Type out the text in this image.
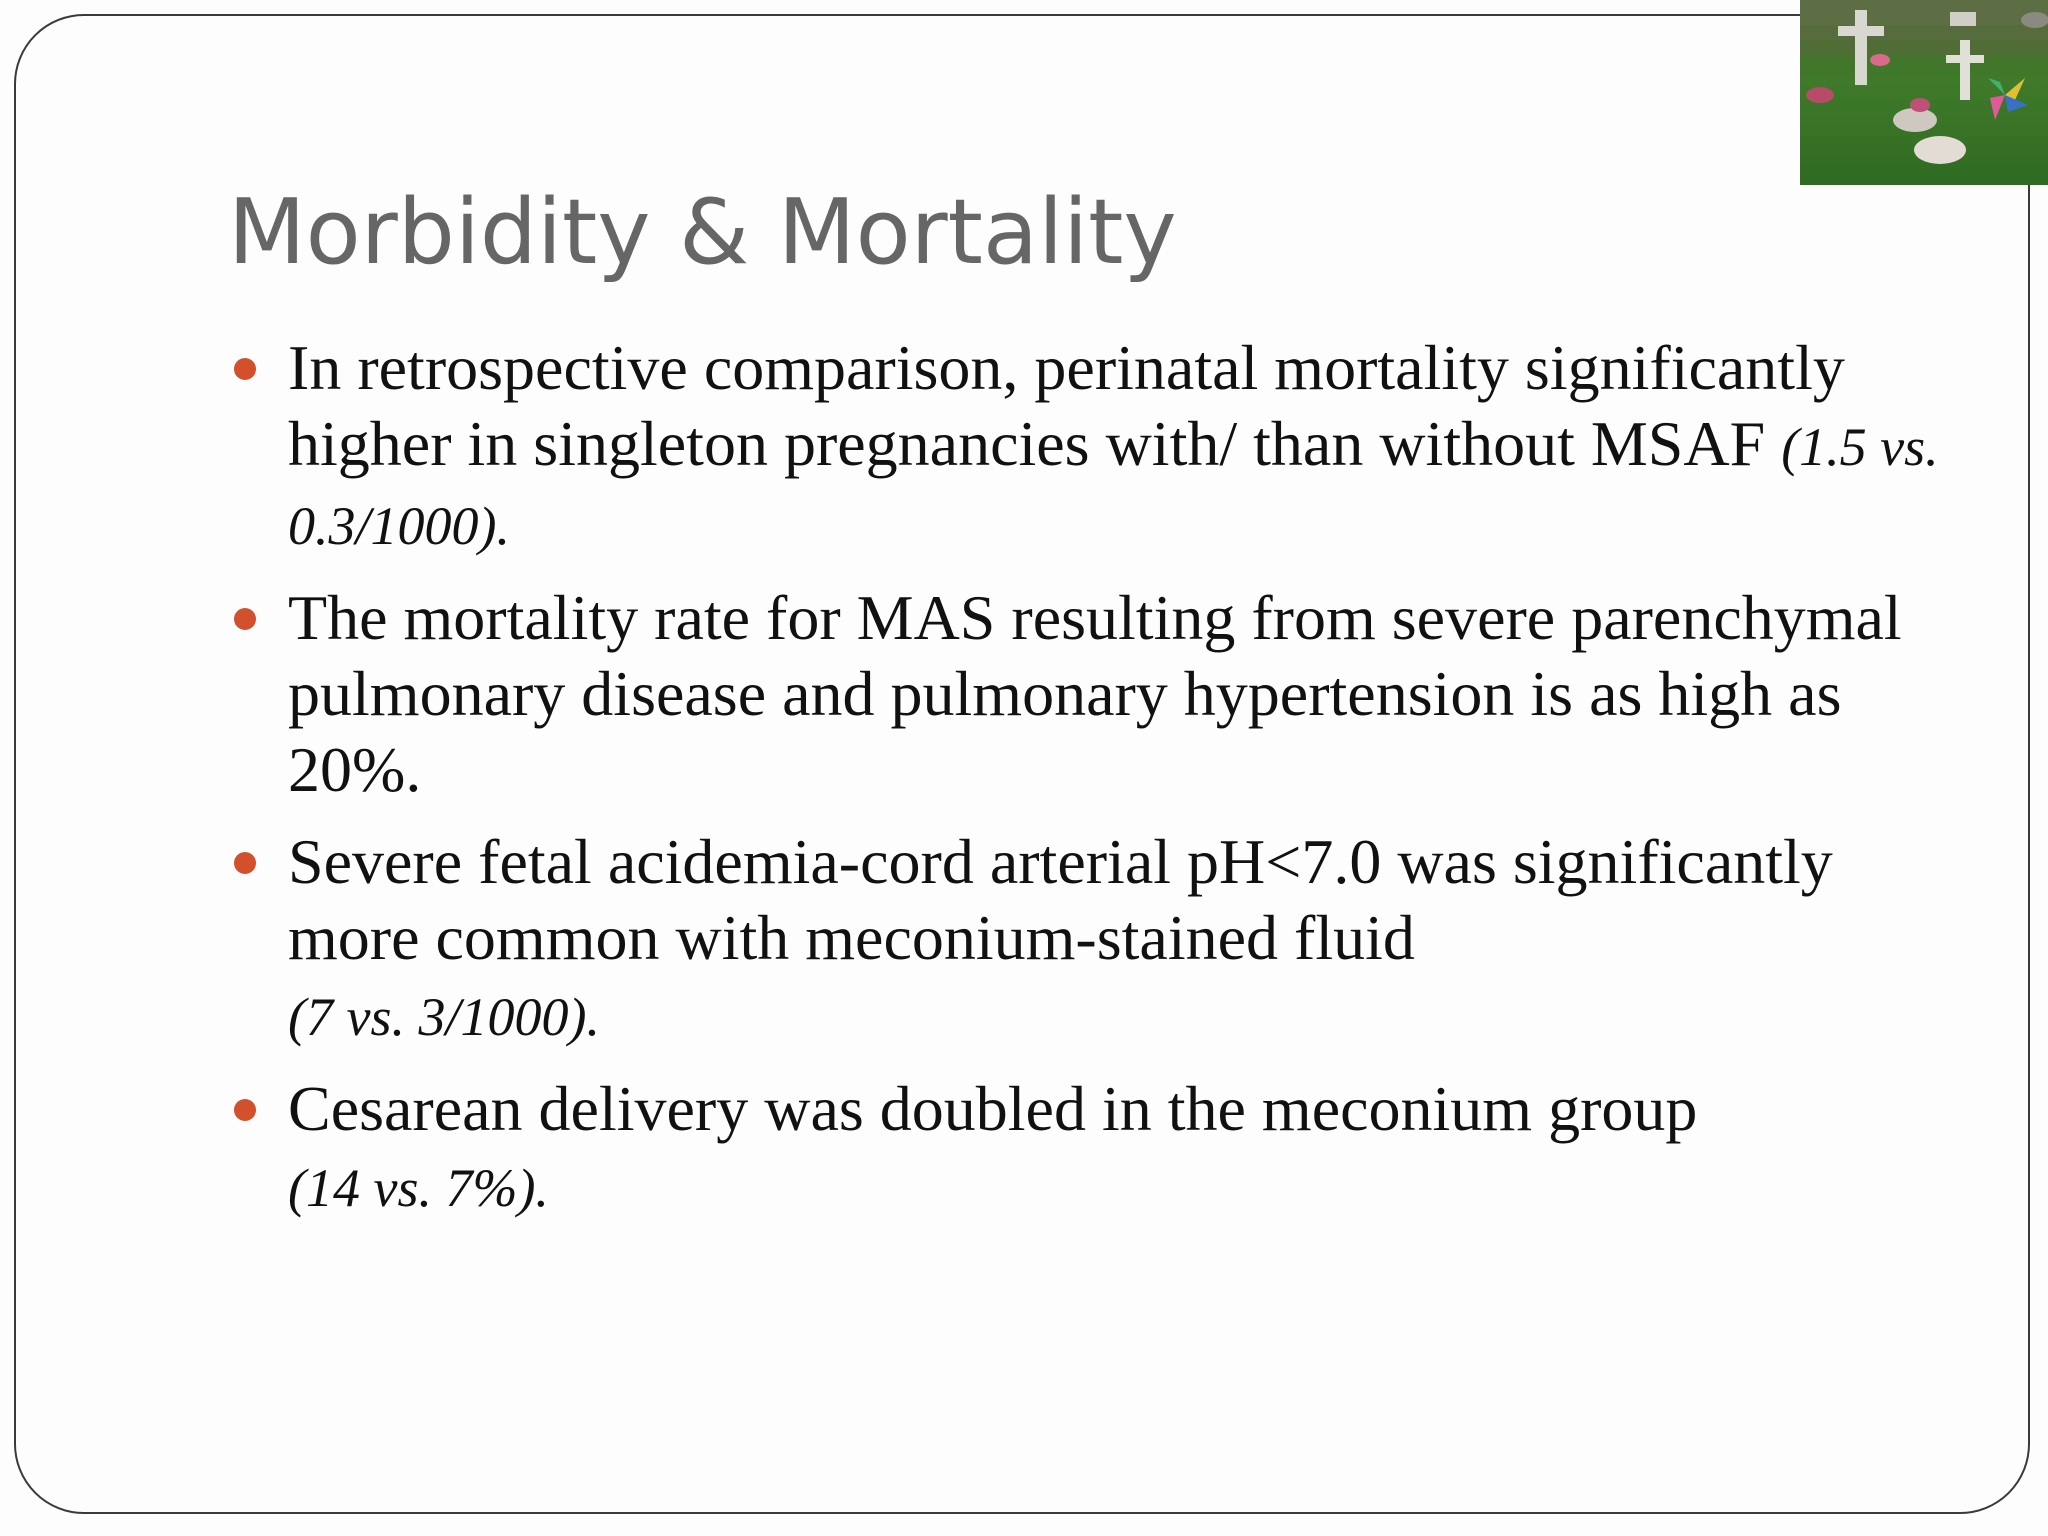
Morbidity & Mortality
In retrospective comparison, perinatal mortality significantly higher in singleton pregnancies with/ than without MSAF (1.5 vs. 0.3/1000).
The mortality rate for MAS resulting from severe parenchymal pulmonary disease and pulmonary hypertension is as high as 20%.
Severe fetal acidemia-cord arterial pH<7.0 was significantly more common with meconium-stained fluid
(7 vs. 3/1000).
Cesarean delivery was doubled in the meconium group
(14 vs. 7%).
